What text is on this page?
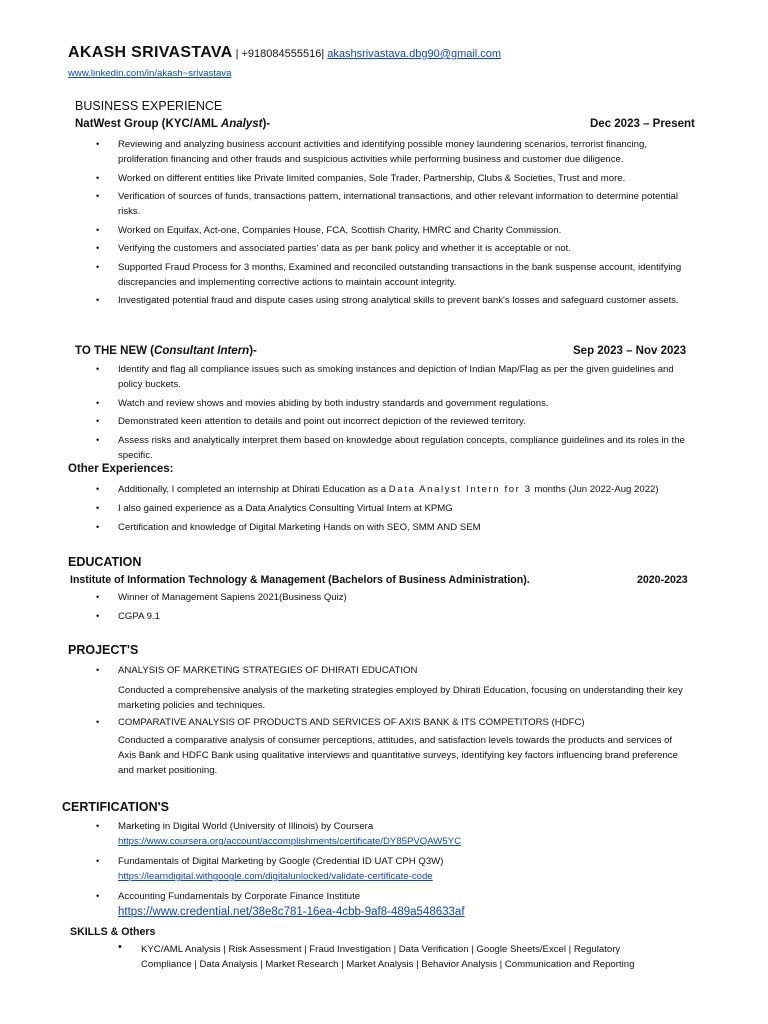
AKASH SRIVASTAVA | +918084555516| akashsrivastava.dbg90@gmail.com
www.linkedin.com/in/akash~srivastava
BUSINESS EXPERIENCE
NatWest Group (KYC/AML Analyst)-	Dec 2023 – Present
• Reviewing and analyzing business account activities and identifying possible money laundering scenarios, terrorist financing, proliferation financing and other frauds and suspicious activities while performing business and customer due diligence.
• Worked on different entities like Private limited companies, Sole Trader, Partnership, Clubs & Societies, Trust and more.
• Verification of sources of funds, transactions pattern, international transactions, and other relevant information to determine potential risks.
• Worked on Equifax, Act-one, Companies House, FCA, Scottish Charity, HMRC and Charity Commission.
• Verifying the customers and associated parties' data as per bank policy and whether it is acceptable or not.
• Supported Fraud Process for 3 months, Examined and reconciled outstanding transactions in the bank suspense account, identifying discrepancies and implementing corrective actions to maintain account integrity.
• Investigated potential fraud and dispute cases using strong analytical skills to prevent bank's losses and safeguard customer assets.
TO THE NEW (Consultant Intern)-	Sep 2023 – Nov 2023
• Identify and flag all compliance issues such as smoking instances and depiction of Indian Map/Flag as per the given guidelines and policy buckets.
• Watch and review shows and movies abiding by both industry standards and government regulations.
• Demonstrated keen attention to details and point out incorrect depiction of the reviewed territory.
• Assess risks and analytically interpret them based on knowledge about regulation concepts, compliance guidelines and its roles in the specific.
Other Experiences:
• Additionally, I completed an internship at Dhirati Education as a Data Analyst Intern for 3 months (Jun 2022-Aug 2022)
• I also gained experience as a Data Analytics Consulting Virtual Intern at KPMG
• Certification and knowledge of Digital Marketing Hands on with SEO, SMM AND SEM
EDUCATION
Institute of Information Technology & Management (Bachelors of Business Administration).	2020-2023
• Winner of Management Sapiens 2021(Business Quiz)
• CGPA 9.1
PROJECT'S
• ANALYSIS OF MARKETING STRATEGIES OF DHIRATI EDUCATION
Conducted a comprehensive analysis of the marketing strategies employed by Dhirati Education, focusing on understanding their key marketing policies and techniques.
• COMPARATIVE ANALYSIS OF PRODUCTS AND SERVICES OF AXIS BANK & ITS COMPETITORS (HDFC)
Conducted a comparative analysis of consumer perceptions, attitudes, and satisfaction levels towards the products and services of Axis Bank and HDFC Bank using qualitative interviews and quantitative surveys, identifying key factors influencing brand preference and market positioning.
CERTIFICATION'S
• Marketing in Digital World (University of Illinois) by Coursera
https://www.coursera.org/account/accomplishments/certificate/DY85PVQAW5YC
• Fundamentals of Digital Marketing by Google (Credential ID UAT CPH Q3W)
https://learndigital.withgoogle.com/digitalunlocked/validate-certificate-code
• Accounting Fundamentals by Corporate Finance Institute
https://www.credential.net/38e8c781-16ea-4cbb-9af8-489a548633af
SKILLS & Others
• KYC/AML Analysis | Risk Assessment | Fraud Investigation | Data Verification | Google Sheets/Excel | Regulatory
Compliance | Data Analysis | Market Research | Market Analysis | Behavior Analysis | Communication and Reporting
